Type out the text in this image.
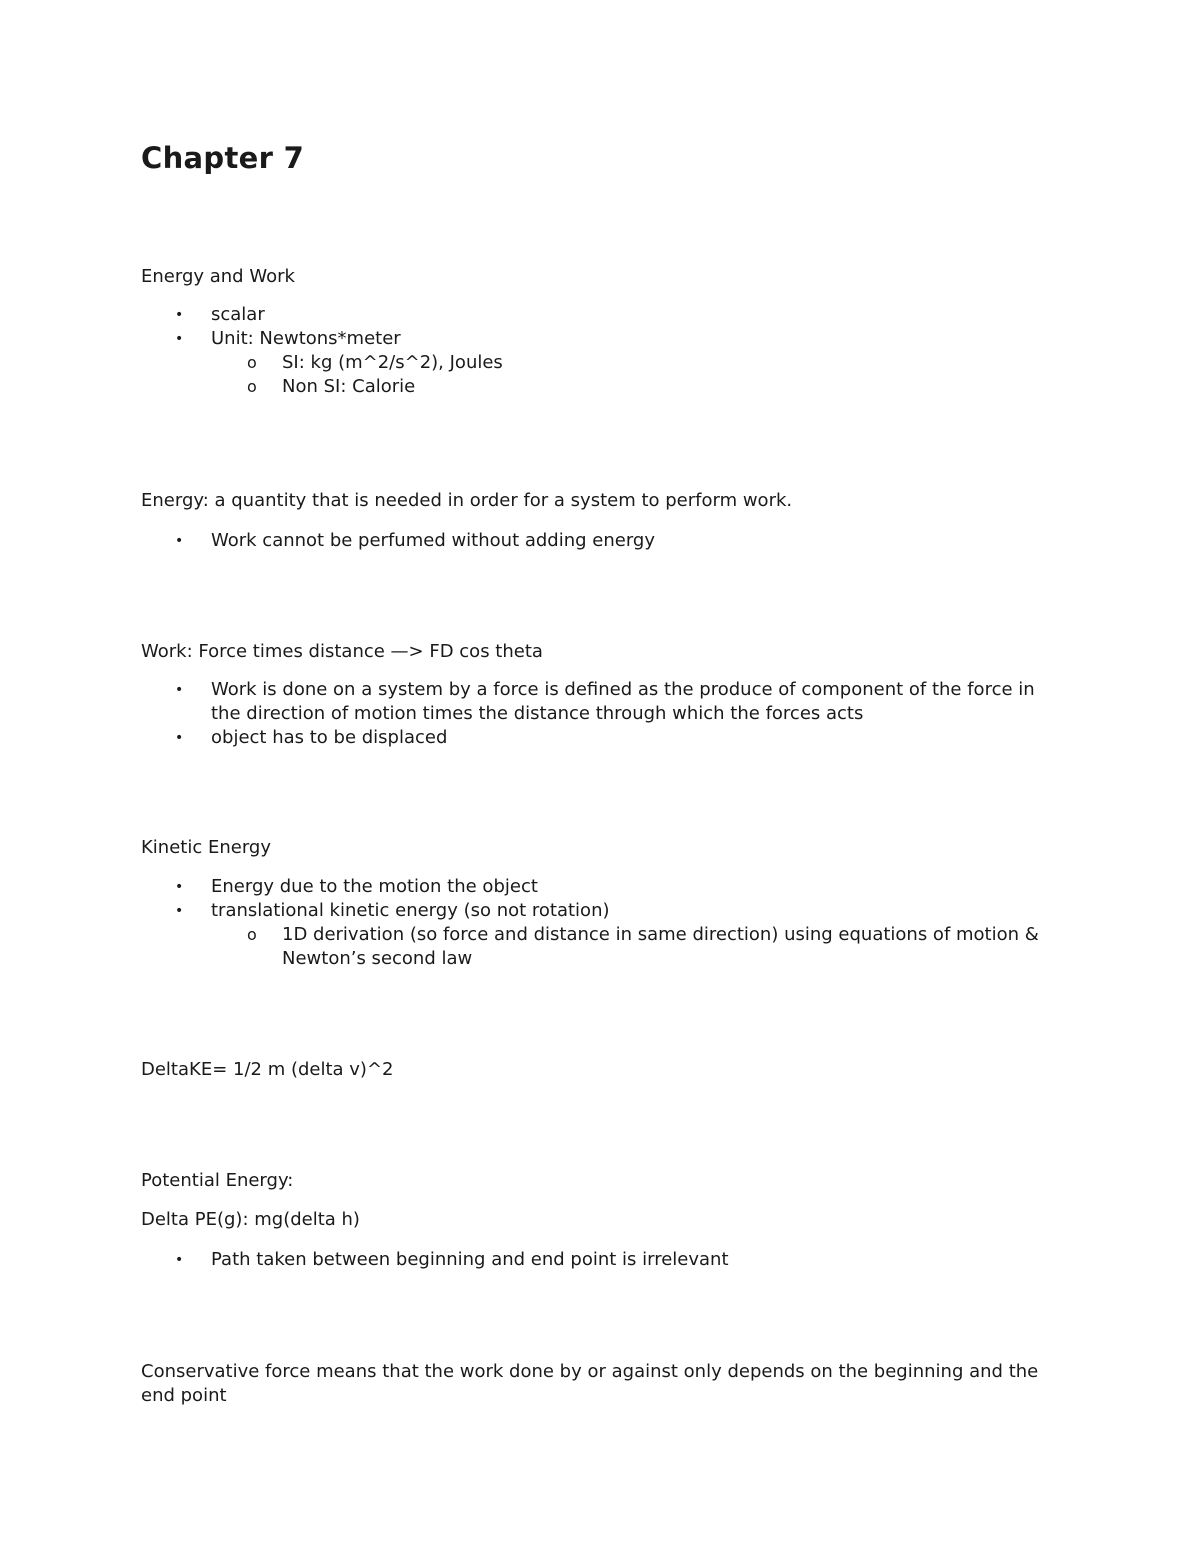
Chapter 7

Energy and Work

• scalar
• Unit: Newtons*meter
o SI: kg (m^2/s^2), Joules
o Non SI: Calorie

Energy: a quantity that is needed in order for a system to perform work.

• Work cannot be perfumed without adding energy

Work: Force times distance —> FD cos theta

• Work is done on a system by a force is defined as the produce of component of the force in the direction of motion times the distance through which the forces acts
• object has to be displaced

Kinetic Energy

• Energy due to the motion the object
• translational kinetic energy (so not rotation)
o 1D derivation (so force and distance in same direction) using equations of motion & Newton’s second law

DeltaKE= 1/2 m (delta v)^2

Potential Energy:

Delta PE(g): mg(delta h)

• Path taken between beginning and end point is irrelevant

Conservative force means that the work done by or against only depends on the beginning and the end point
